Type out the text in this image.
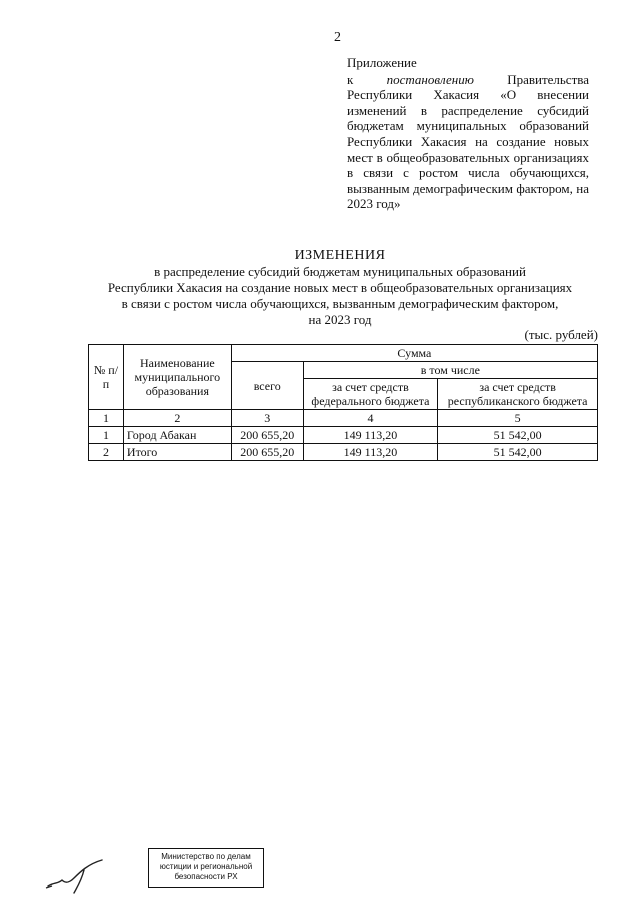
2
Приложение
к постановлению Правительства Республики Хакасия «О внесении изменений в распределение субсидий бюджетам муниципальных образований Республики Хакасия на создание новых мест в общеобразовательных организациях в связи с ростом числа обучающихся, вызванным демографическим фактором, на 2023 год»
ИЗМЕНЕНИЯ
в распределение субсидий бюджетам муниципальных образований
Республики Хакасия на создание новых мест в общеобразовательных организациях
в связи с ростом числа обучающихся, вызванным демографическим фактором,
на 2023 год
(тыс. рублей)
№ п/п	Наименование муниципального образования	Сумма		
		всего	в том числе	
			за счет средств федерального бюджета	за счет средств республиканского бюджета
1	2	3	4	5
1	Город Абакан	200 655,20	149 113,20	51 542,00
2	Итого	200 655,20	149 113,20	51 542,00
Министерство по делам
юстиции и региональной
безопасности РХ
